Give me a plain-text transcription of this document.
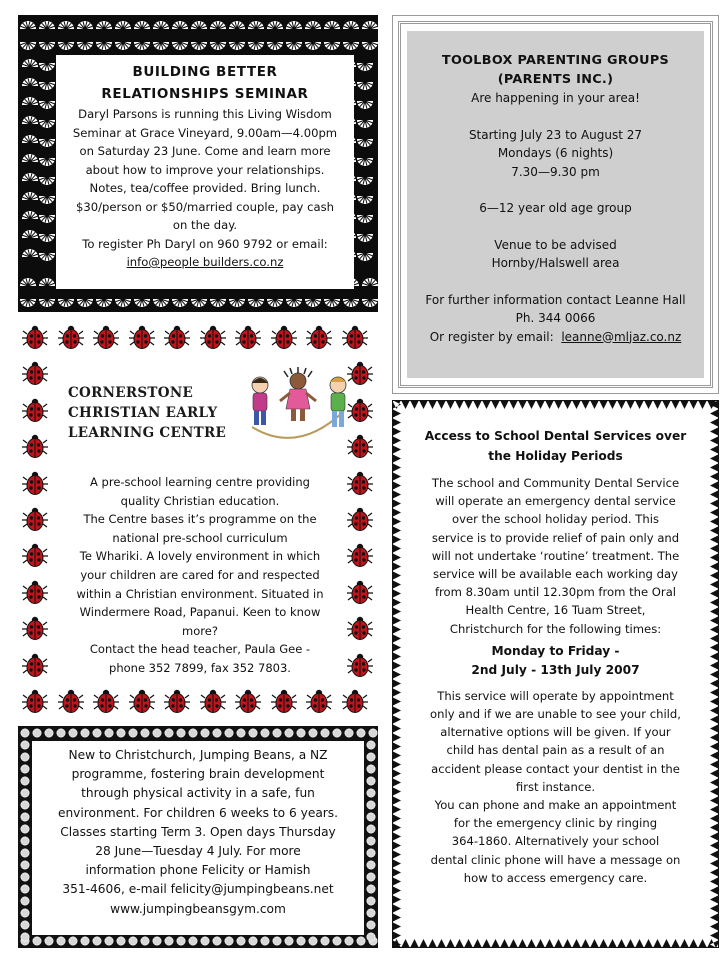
BUILDING BETTER
RELATIONSHIPS SEMINAR
Daryl Parsons is running this Living Wisdom
Seminar at Grace Vineyard, 9.00am—4.00pm
on Saturday 23 June. Come and learn more
about how to improve your relationships.
Notes, tea/coffee provided. Bring lunch.
$30/person or $50/married couple, pay cash
on the day.
To register Ph Daryl on 960 9792 or email:
info@people builders.co.nz
TOOLBOX PARENTING GROUPS
(PARENTS INC.)
Are happening in your area!
Starting July 23 to August 27
Mondays (6 nights)
7.30—9.30 pm
6—12 year old age group
Venue to be advised
Hornby/Halswell area
For further information contact Leanne Hall
Ph. 344 0066
Or register by email: leanne@mljaz.co.nz
CORNERSTONE
CHRISTIAN EARLY
LEARNING CENTRE
A pre-school learning centre providing
quality Christian education.
The Centre bases it’s programme on the
national pre-school curriculum
Te Whariki. A lovely environment in which
your children are cared for and respected
within a Christian environment. Situated in
Windermere Road, Papanui. Keen to know
more?
Contact the head teacher, Paula Gee -
phone 352 7899, fax 352 7803.
Access to School Dental Services over
the Holiday Periods
The school and Community Dental Service
will operate an emergency dental service
over the school holiday period. This
service is to provide relief of pain only and
will not undertake ‘routine’ treatment. The
service will be available each working day
from 8.30am until 12.30pm from the Oral
Health Centre, 16 Tuam Street,
Christchurch for the following times:
Monday to Friday -
2nd July - 13th July 2007
This service will operate by appointment
only and if we are unable to see your child,
alternative options will be given. If your
child has dental pain as a result of an
accident please contact your dentist in the
first instance.
You can phone and make an appointment
for the emergency clinic by ringing
364-1860. Alternatively your school
dental clinic phone will have a message on
how to access emergency care.
New to Christchurch, Jumping Beans, a NZ
programme, fostering brain development
through physical activity in a safe, fun
environment. For children 6 weeks to 6 years.
Classes starting Term 3. Open days Thursday
28 June—Tuesday 4 July. For more
information phone Felicity or Hamish
351-4606, e-mail felicity@jumpingbeans.net
www.jumpingbeansgym.com
